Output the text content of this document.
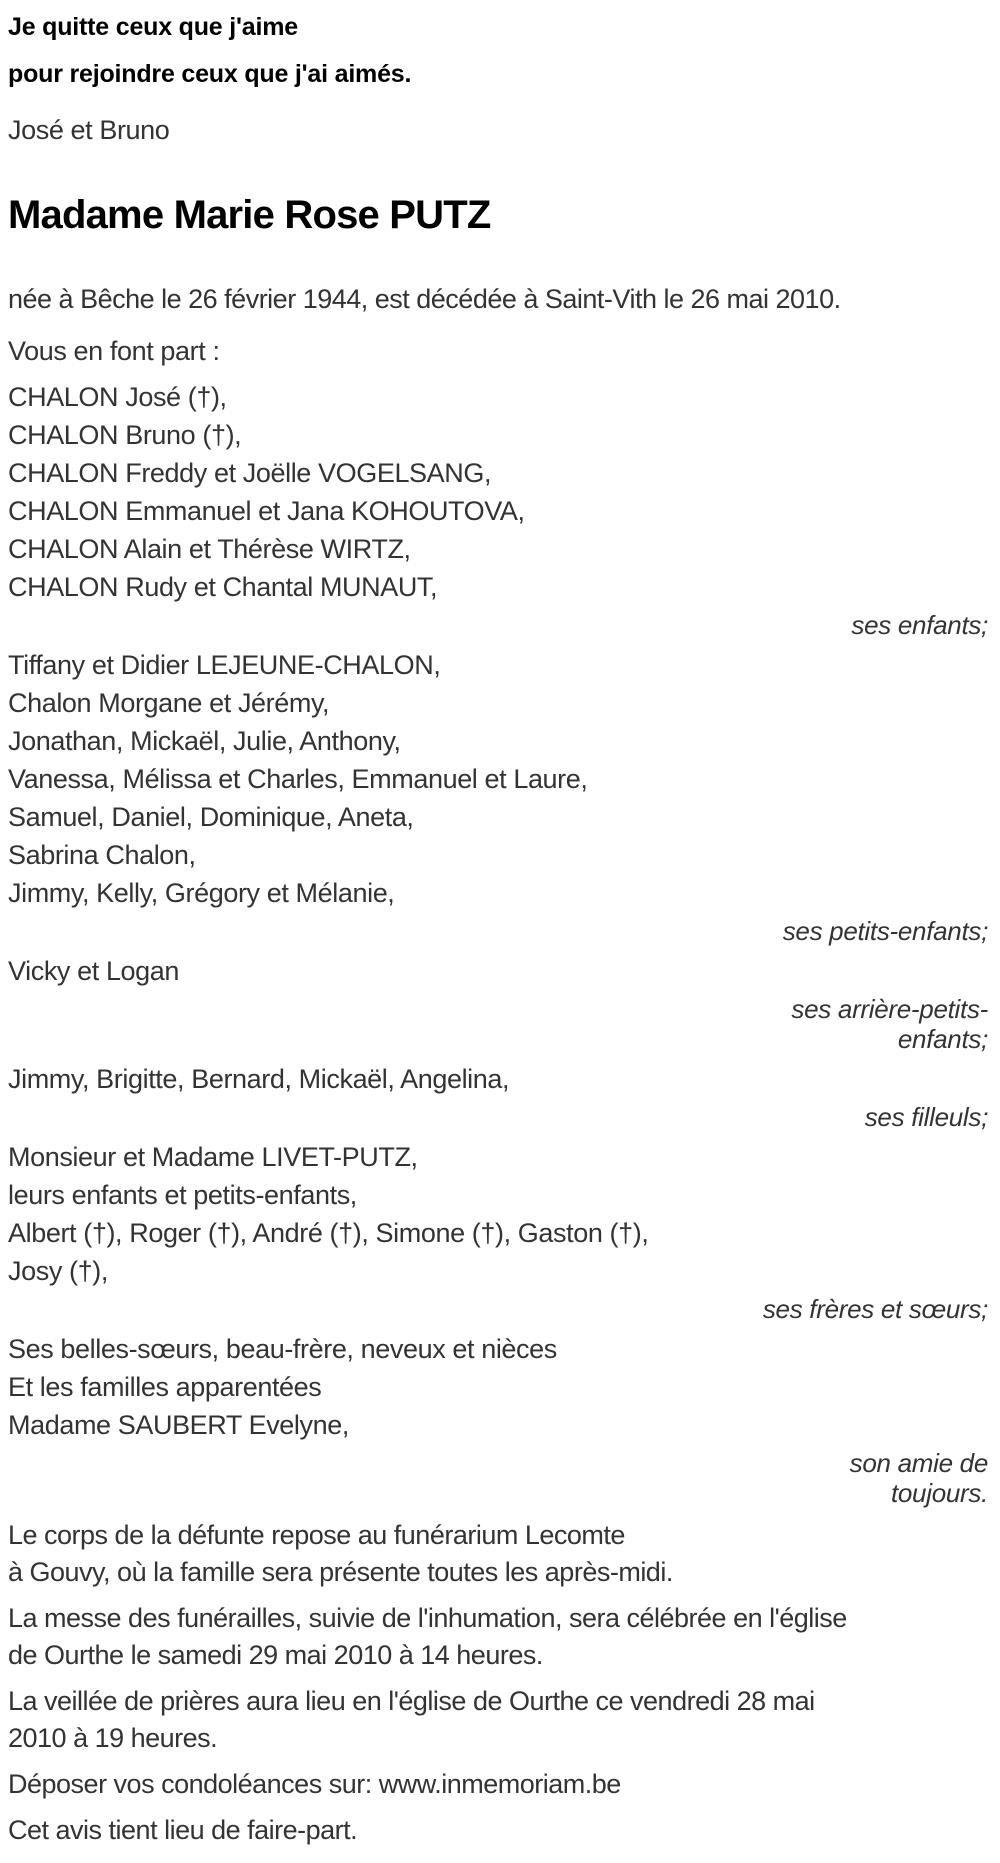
Je quitte ceux que j'aime
pour rejoindre ceux que j'ai aimés.

José et Bruno

Madame Marie Rose PUTZ

née à Bêche le 26 février 1944, est décédée à Saint-Vith le 26 mai 2010.

Vous en font part :

CHALON José (†),
CHALON Bruno (†),
CHALON Freddy et Joëlle VOGELSANG,
CHALON Emmanuel et Jana KOHOUTOVA,
CHALON Alain et Thérèse WIRTZ,
CHALON Rudy et Chantal MUNAUT,
ses enfants;
Tiffany et Didier LEJEUNE-CHALON,
Chalon Morgane et Jérémy,
Jonathan, Mickaël, Julie, Anthony,
Vanessa, Mélissa et Charles, Emmanuel et Laure,
Samuel, Daniel, Dominique, Aneta,
Sabrina Chalon,
Jimmy, Kelly, Grégory et Mélanie,
ses petits-enfants;
Vicky et Logan
ses arrière-petits-
enfants;
Jimmy, Brigitte, Bernard, Mickaël, Angelina,
ses filleuls;
Monsieur et Madame LIVET-PUTZ,
leurs enfants et petits-enfants,
Albert (†), Roger (†), André (†), Simone (†), Gaston (†),
Josy (†),
ses frères et sœurs;
Ses belles-sœurs, beau-frère, neveux et nièces
Et les familles apparentées
Madame SAUBERT Evelyne,
son amie de
toujours.

Le corps de la défunte repose au funérarium Lecomte
à Gouvy, où la famille sera présente toutes les après-midi.

La messe des funérailles, suivie de l'inhumation, sera célébrée en l'église
de Ourthe le samedi 29 mai 2010 à 14 heures.

La veillée de prières aura lieu en l'église de Ourthe ce vendredi 28 mai
2010 à 19 heures.

Déposer vos condoléances sur: www.inmemoriam.be

Cet avis tient lieu de faire-part.
